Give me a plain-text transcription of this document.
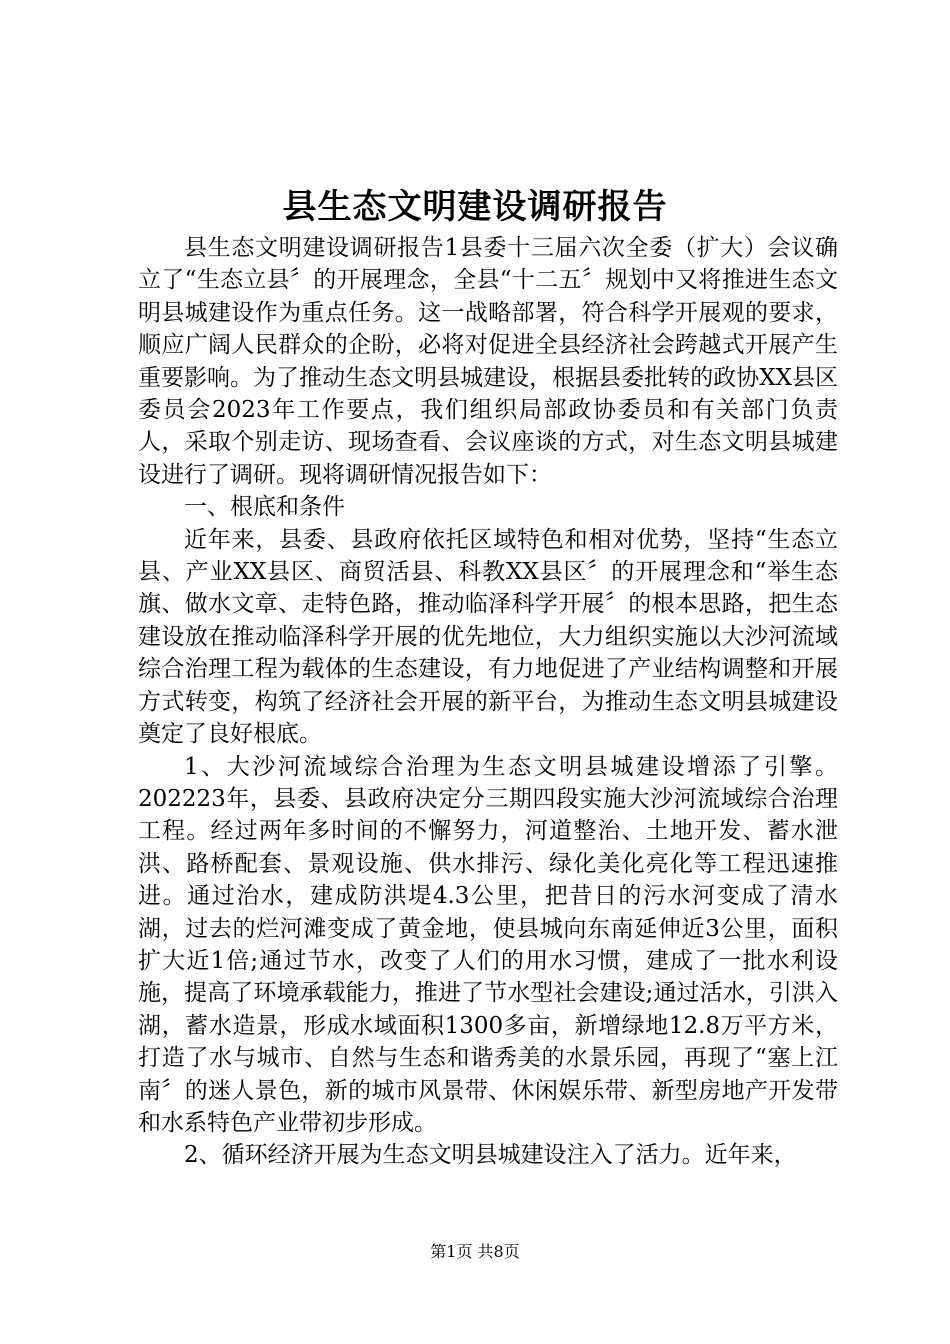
县生态文明建设调研报告

县生态文明建设调研报告1县委十三届六次全委（扩大）会议确立了“生态立县〞的开展理念，全县“十二五〞规划中又将推进生态文明县城建设作为重点任务。这一战略部署，符合科学开展观的要求，顺应广阔人民群众的企盼，必将对促进全县经济社会跨越式开展产生重要影响。为了推动生态文明县城建设，根据县委批转的政协XX县区委员会2023年工作要点，我们组织局部政协委员和有关部门负责人，采取个别走访、现场查看、会议座谈的方式，对生态文明县城建设进行了调研。现将调研情况报告如下：

一、根底和条件

近年来，县委、县政府依托区域特色和相对优势，坚持“生态立县、产业XX县区、商贸活县、科教XX县区〞的开展理念和“举生态旗、做水文章、走特色路，推动临泽科学开展〞的根本思路，把生态建设放在推动临泽科学开展的优先地位，大力组织实施以大沙河流域综合治理工程为载体的生态建设，有力地促进了产业结构调整和开展方式转变，构筑了经济社会开展的新平台，为推动生态文明县城建设奠定了良好根底。

1、大沙河流域综合治理为生态文明县城建设增添了引擎。202223年，县委、县政府决定分三期四段实施大沙河流域综合治理工程。经过两年多时间的不懈努力，河道整治、土地开发、蓄水泄洪、路桥配套、景观设施、供水排污、绿化美化亮化等工程迅速推进。通过治水，建成防洪堤4.3公里，把昔日的污水河变成了清水湖，过去的烂河滩变成了黄金地，使县城向东南延伸近3公里，面积扩大近1倍;通过节水，改变了人们的用水习惯，建成了一批水利设施，提高了环境承载能力，推进了节水型社会建设;通过活水，引洪入湖，蓄水造景，形成水域面积1300多亩，新增绿地12.8万平方米，打造了水与城市、自然与生态和谐秀美的水景乐园，再现了“塞上江南〞的迷人景色，新的城市风景带、休闲娱乐带、新型房地产开发带和水系特色产业带初步形成。

2、循环经济开展为生态文明县城建设注入了活力。近年来，

第1页 共8页
